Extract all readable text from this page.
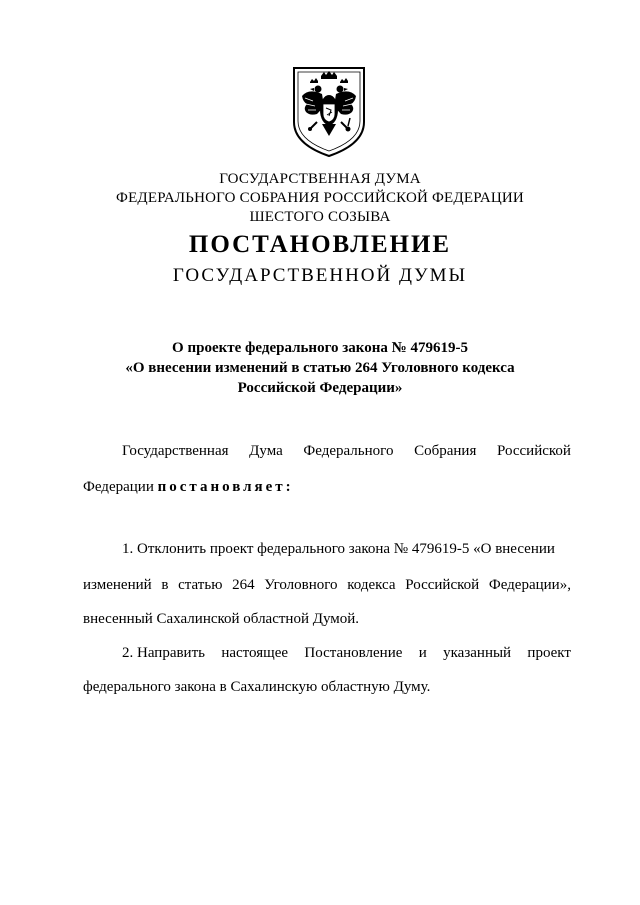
ГОСУДАРСТВЕННАЯ ДУМА
ФЕДЕРАЛЬНОГО СОБРАНИЯ РОССИЙСКОЙ ФЕДЕРАЦИИ
ШЕСТОГО СОЗЫВА
ПОСТАНОВЛЕНИЕ
ГОСУДАРСТВЕННОЙ ДУМЫ
О проекте федерального закона № 479619-5
«О внесении изменений в статью 264 Уголовного кодекса
Российской Федерации»
Государственная Дума Федерального Собрания Российской
Федерации постановляет:
1. Отклонить проект федерального закона № 479619-5 «О внесении
изменений в статью 264 Уголовного кодекса Российской Федерации»,
внесенный Сахалинской областной Думой.
2. Направить настоящее Постановление и указанный проект
федерального закона в Сахалинскую областную Думу.
